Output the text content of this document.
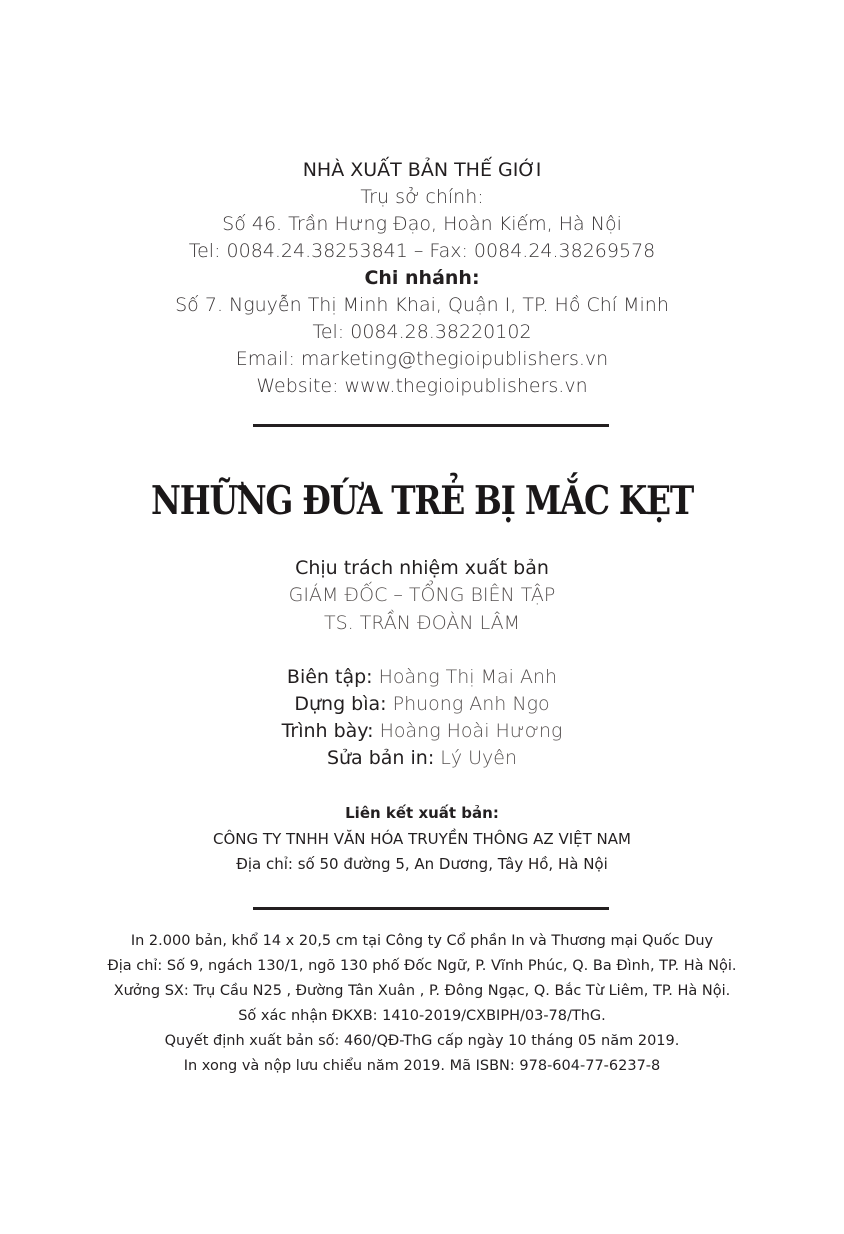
NHÀ XUẤT BẢN THẾ GIỚI
Trụ sở chính:
Số 46. Trần Hưng Đạo, Hoàn Kiếm, Hà Nội
Tel: 0084.24.38253841 – Fax: 0084.24.38269578
Chi nhánh:
Số 7. Nguyễn Thị Minh Khai, Quận I, TP. Hồ Chí Minh
Tel: 0084.28.38220102
Email: marketing@thegioipublishers.vn
Website: www.thegioipublishers.vn
NHỮNG ĐỨA TRẺ BỊ MẮC KẸT
Chịu trách nhiệm xuất bản
GIÁM ĐỐC – TỔNG BIÊN TẬP
TS. TRẦN ĐOÀN LÂM
Biên tập: Hoàng Thị Mai Anh
Dựng bìa: Phuong Anh Ngo
Trình bày: Hoàng Hoài Hương
Sửa bản in: Lý Uyên
Liên kết xuất bản:
CÔNG TY TNHH VĂN HÓA TRUYỀN THÔNG AZ VIỆT NAM
Địa chỉ: số 50 đường 5, An Dương, Tây Hồ, Hà Nội
In 2.000 bản, khổ 14 x 20,5 cm tại Công ty Cổ phần In và Thương mại Quốc Duy
Địa chỉ: Số 9, ngách 130/1, ngõ 130 phố Đốc Ngữ, P. Vĩnh Phúc, Q. Ba Đình, TP. Hà Nội.
Xưởng SX: Trụ Cầu N25 , Đường Tân Xuân , P. Đông Ngạc, Q. Bắc Từ Liêm, TP. Hà Nội.
Số xác nhận ĐKXB: 1410-2019/CXBIPH/03-78/ThG.
Quyết định xuất bản số: 460/QĐ-ThG cấp ngày 10 tháng 05 năm 2019.
In xong và nộp lưu chiểu năm 2019. Mã ISBN: 978-604-77-6237-8
